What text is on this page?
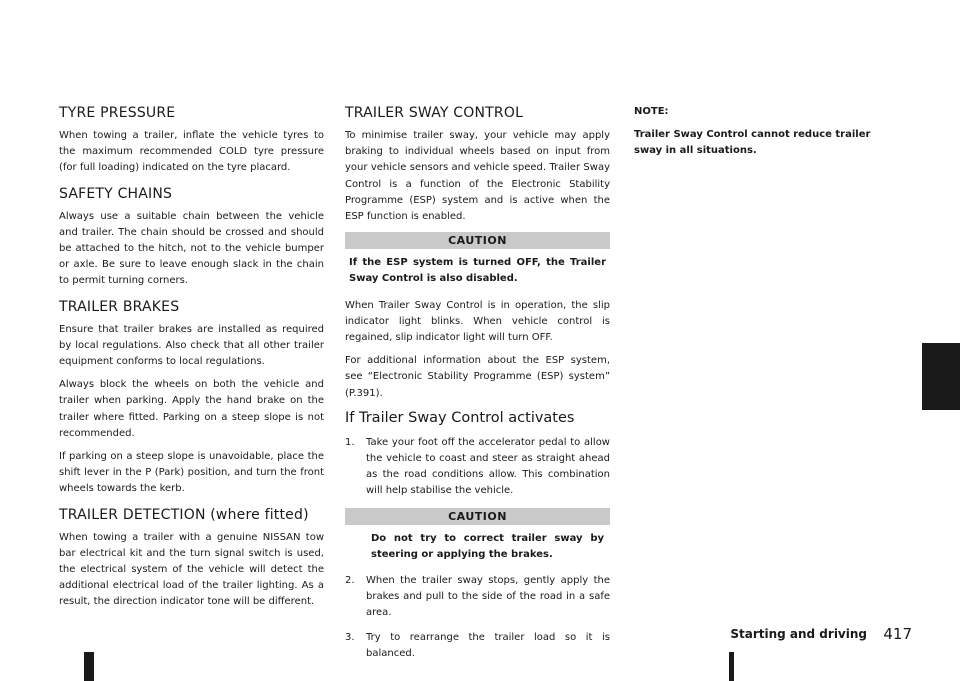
TYRE PRESSURE

When towing a trailer, inflate the vehicle tyres to the maximum recommended COLD tyre pressure (for full loading) indicated on the tyre placard.

SAFETY CHAINS

Always use a suitable chain between the vehicle and trailer. The chain should be crossed and should be attached to the hitch, not to the vehicle bumper or axle. Be sure to leave enough slack in the chain to permit turning corners.

TRAILER BRAKES

Ensure that trailer brakes are installed as required by local regulations. Also check that all other trailer equipment conforms to local regulations.

Always block the wheels on both the vehicle and trailer when parking. Apply the hand brake on the trailer where fitted. Parking on a steep slope is not recommended.

If parking on a steep slope is unavoidable, place the shift lever in the P (Park) position, and turn the front wheels towards the kerb.

TRAILER DETECTION (where fitted)

When towing a trailer with a genuine NISSAN tow bar electrical kit and the turn signal switch is used, the electrical system of the vehicle will detect the additional electrical load of the trailer lighting. As a result, the direction indicator tone will be different.

TRAILER SWAY CONTROL

To minimise trailer sway, your vehicle may apply braking to individual wheels based on input from your vehicle sensors and vehicle speed. Trailer Sway Control is a function of the Electronic Stability Programme (ESP) system and is active when the ESP function is enabled.

CAUTION
If the ESP system is turned OFF, the Trailer Sway Control is also disabled.

When Trailer Sway Control is in operation, the slip indicator light blinks. When vehicle control is regained, slip indicator light will turn OFF.

For additional information about the ESP system, see “Electronic Stability Programme (ESP) system” (P.391).

If Trailer Sway Control activates
1. Take your foot off the accelerator pedal to allow the vehicle to coast and steer as straight ahead as the road conditions allow. This combination will help stabilise the vehicle.
CAUTION
Do not try to correct trailer sway by steering or applying the brakes.
2. When the trailer sway stops, gently apply the brakes and pull to the side of the road in a safe area.
3. Try to rearrange the trailer load so it is balanced.
NOTE:
Trailer Sway Control cannot reduce trailer sway in all situations.
Starting and driving 417
